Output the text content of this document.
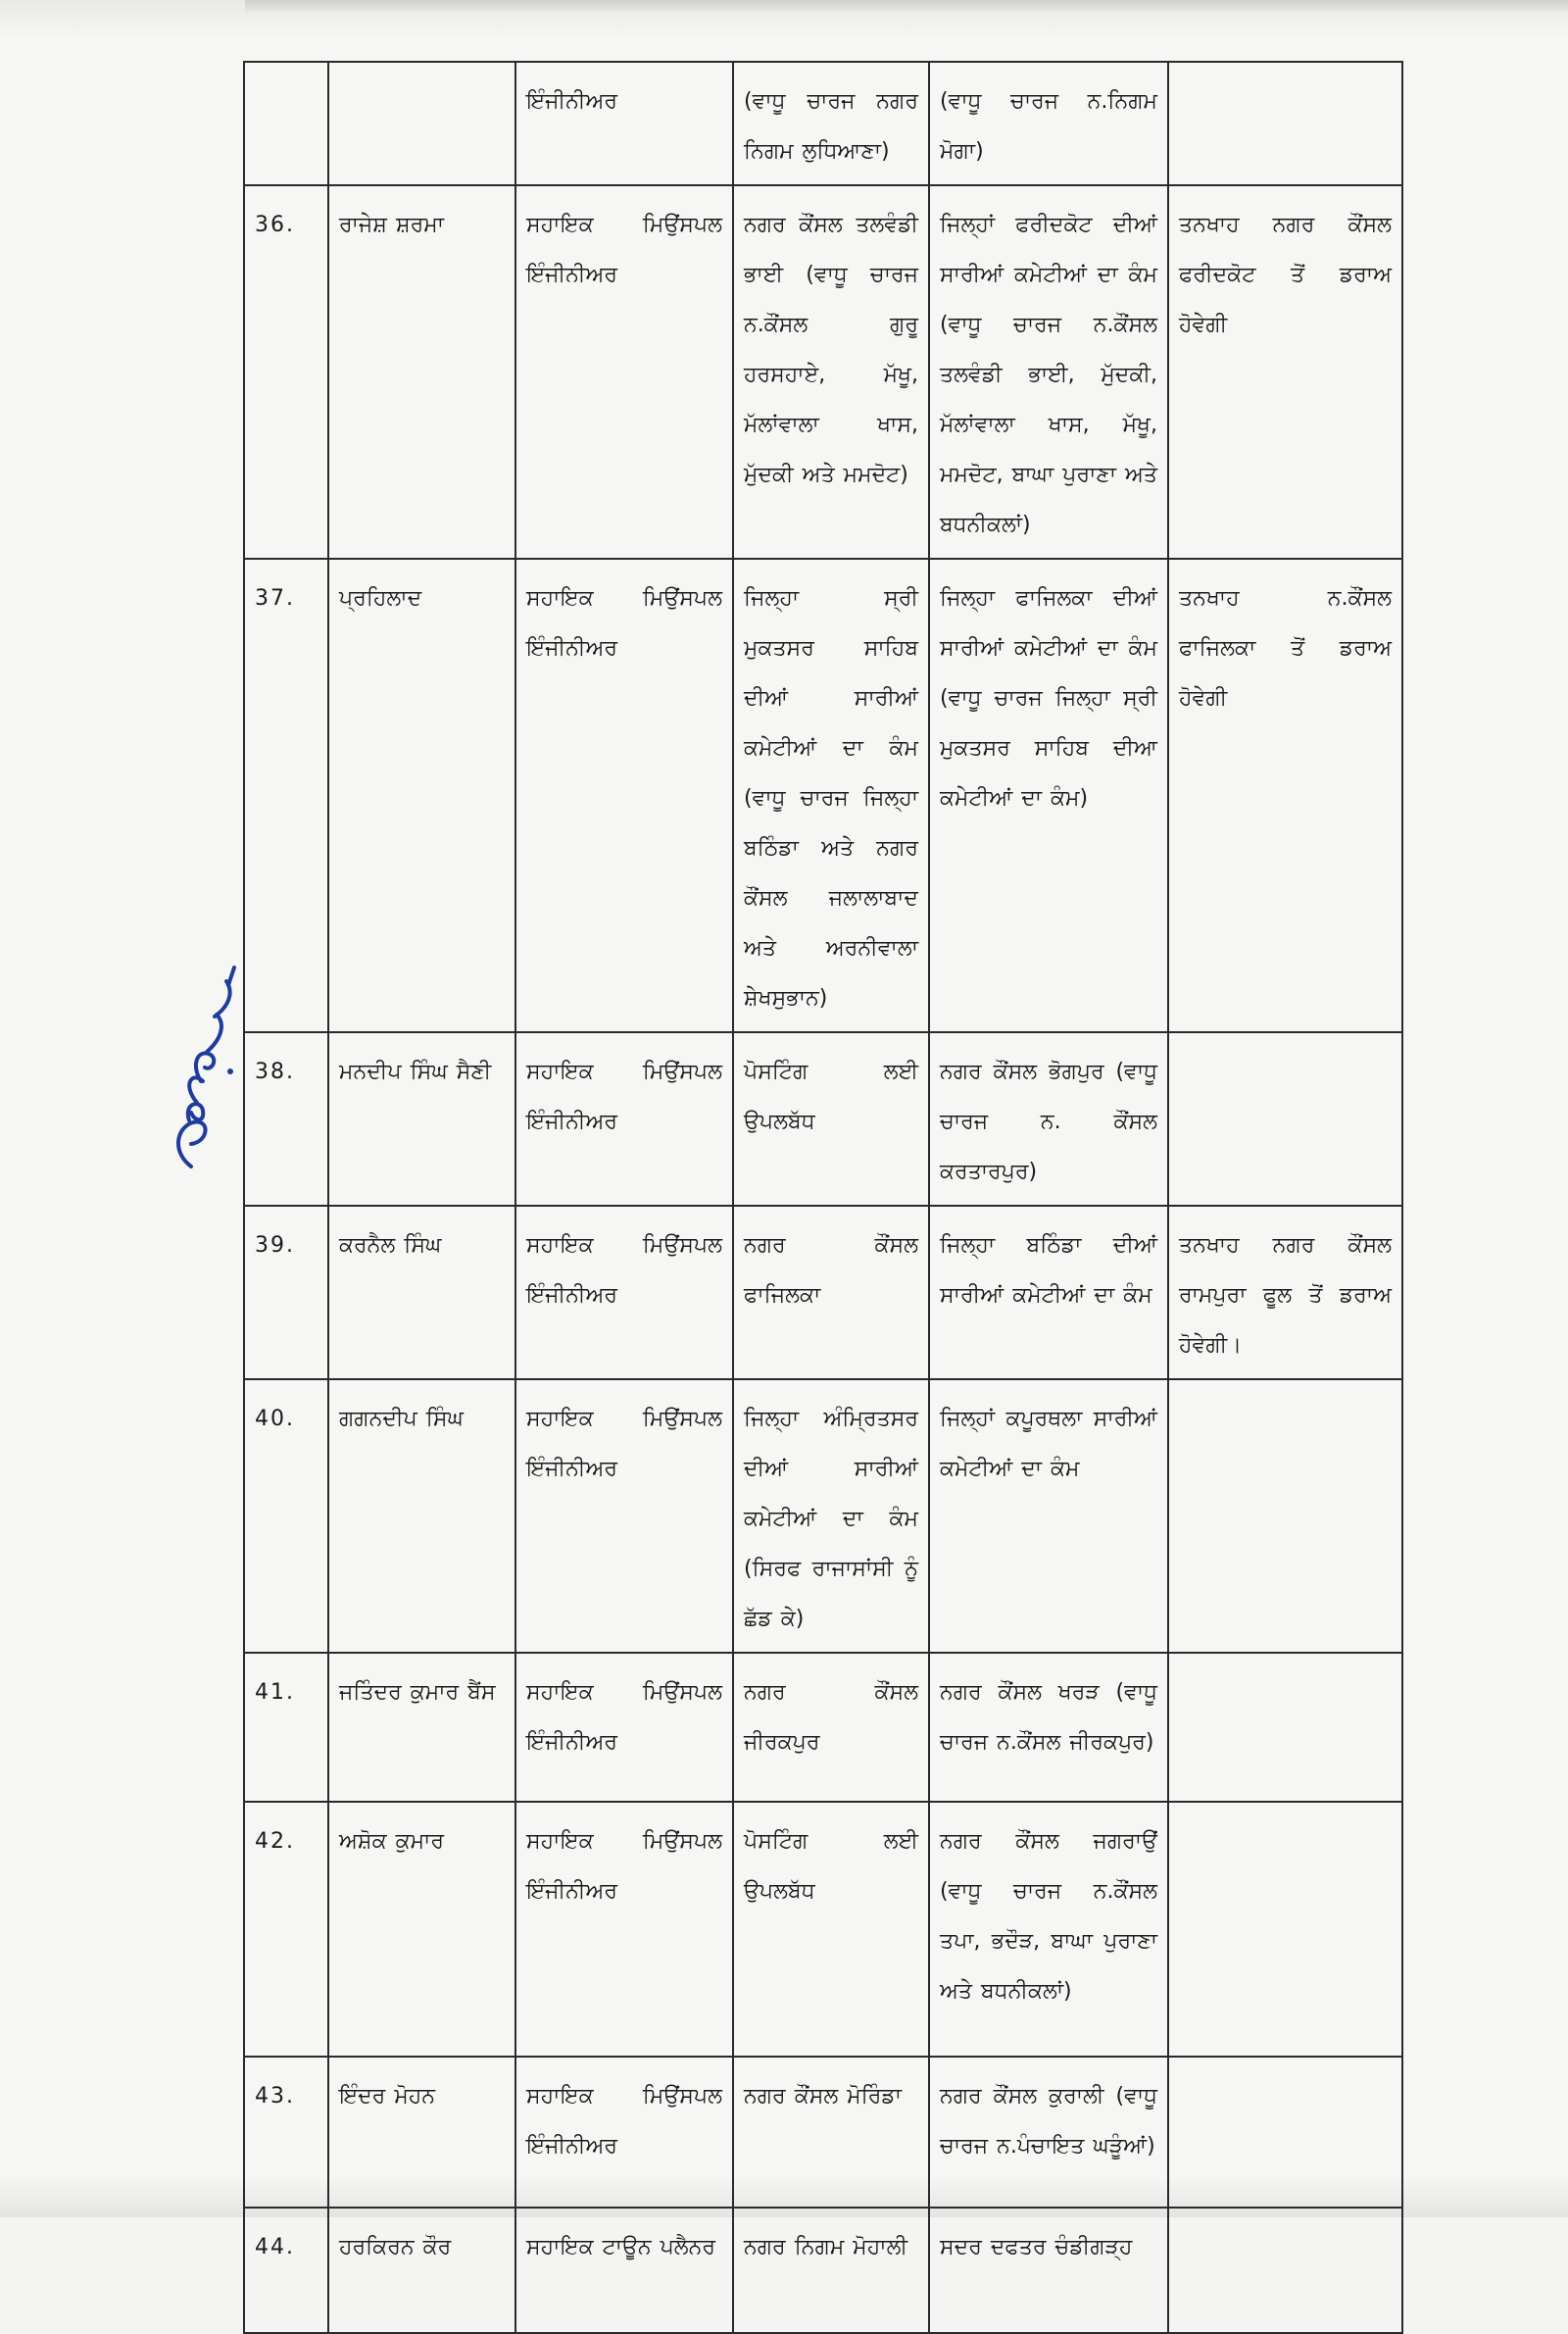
		ਇੰਜੀਨੀਅਰ	(ਵਾਧੂ ਚਾਰਜ ਨਗਰ ਨਿਗਮ ਲੁਧਿਆਣਾ)	(ਵਾਧੂ ਚਾਰਜ ਨ.ਨਿਗਮ ਮੋਗਾ)	
36.	ਰਾਜੇਸ਼ ਸ਼ਰਮਾ	ਸਹਾਇਕ ਮਿਉਂਸਪਲ ਇੰਜੀਨੀਅਰ	ਨਗਰ ਕੌਂਸਲ ਤਲਵੰਡੀ ਭਾਈ (ਵਾਧੂ ਚਾਰਜ ਨ.ਕੌਂਸਲ ਗੁਰੂ ਹਰਸਹਾਏ, ਮੱਖੂ, ਮੱਲਾਂਵਾਲਾ ਖਾਸ, ਮੁੱਦਕੀ ਅਤੇ ਮਮਦੋਟ)	ਜਿਲ੍ਹਾਂ ਫਰੀਦਕੋਟ ਦੀਆਂ ਸਾਰੀਆਂ ਕਮੇਟੀਆਂ ਦਾ ਕੰਮ (ਵਾਧੂ ਚਾਰਜ ਨ.ਕੌਂਸਲ ਤਲਵੰਡੀ ਭਾਈ, ਮੁੱਦਕੀ, ਮੱਲਾਂਵਾਲਾ ਖਾਸ, ਮੱਖੂ, ਮਮਦੋਟ, ਬਾਘਾ ਪੁਰਾਣਾ ਅਤੇ ਬਧਨੀਕਲਾਂ)	ਤਨਖਾਹ ਨਗਰ ਕੌਂਸਲ ਫਰੀਦਕੋਟ ਤੋਂ ਡਰਾਅ ਹੋਵੇਗੀ
37.	ਪ੍ਰਹਿਲਾਦ	ਸਹਾਇਕ ਮਿਉਂਸਪਲ ਇੰਜੀਨੀਅਰ	ਜਿਲ੍ਹਾ ਸ੍ਰੀ ਮੁਕਤਸਰ ਸਾਹਿਬ ਦੀਆਂ ਸਾਰੀਆਂ ਕਮੇਟੀਆਂ ਦਾ ਕੰਮ (ਵਾਧੂ ਚਾਰਜ ਜਿਲ੍ਹਾ ਬਠਿੰਡਾ ਅਤੇ ਨਗਰ ਕੌਂਸਲ ਜਲਾਲਾਬਾਦ ਅਤੇ ਅਰਨੀਵਾਲਾ ਸ਼ੇਖਸੁਭਾਨ)	ਜਿਲ੍ਹਾ ਫਾਜਿਲਕਾ ਦੀਆਂ ਸਾਰੀਆਂ ਕਮੇਟੀਆਂ ਦਾ ਕੰਮ (ਵਾਧੂ ਚਾਰਜ ਜਿਲ੍ਹਾ ਸ੍ਰੀ ਮੁਕਤਸਰ ਸਾਹਿਬ ਦੀਆ ਕਮੇਟੀਆਂ ਦਾ ਕੰਮ)	ਤਨਖਾਹ ਨ.ਕੌਂਸਲ ਫਾਜਿਲਕਾ ਤੋਂ ਡਰਾਅ ਹੋਵੇਗੀ
38.	ਮਨਦੀਪ ਸਿੰਘ ਸੈਣੀ	ਸਹਾਇਕ ਮਿਉਂਸਪਲ ਇੰਜੀਨੀਅਰ	ਪੋਸਟਿੰਗ ਲਈ ਉਪਲਬੱਧ	ਨਗਰ ਕੌਂਸਲ ਭੋਗਪੁਰ (ਵਾਧੂ ਚਾਰਜ ਨ. ਕੌਂਸਲ ਕਰਤਾਰਪੁਰ)	
39.	ਕਰਨੈਲ ਸਿੰਘ	ਸਹਾਇਕ ਮਿਉਂਸਪਲ ਇੰਜੀਨੀਅਰ	ਨਗਰ ਕੌਂਸਲ ਫਾਜਿਲਕਾ	ਜਿਲ੍ਹਾ ਬਠਿੰਡਾ ਦੀਆਂ ਸਾਰੀਆਂ ਕਮੇਟੀਆਂ ਦਾ ਕੰਮ	ਤਨਖਾਹ ਨਗਰ ਕੌਂਸਲ ਰਾਮਪੁਰਾ ਫੂਲ ਤੋਂ ਡਰਾਅ ਹੋਵੇਗੀ।
40.	ਗਗਨਦੀਪ ਸਿੰਘ	ਸਹਾਇਕ ਮਿਉਂਸਪਲ ਇੰਜੀਨੀਅਰ	ਜਿਲ੍ਹਾ ਅੰਮ੍ਰਿਤਸਰ ਦੀਆਂ ਸਾਰੀਆਂ ਕਮੇਟੀਆਂ ਦਾ ਕੰਮ (ਸਿਰਫ ਰਾਜਾਸਾਂਸੀ ਨੂੰ ਛੱਡ ਕੇ)	ਜਿਲ੍ਹਾਂ ਕਪੂਰਥਲਾ ਸਾਰੀਆਂ ਕਮੇਟੀਆਂ ਦਾ ਕੰਮ	
41.	ਜਤਿੰਦਰ ਕੁਮਾਰ ਬੈਂਸ	ਸਹਾਇਕ ਮਿਉਂਸਪਲ ਇੰਜੀਨੀਅਰ	ਨਗਰ ਕੌਂਸਲ ਜੀਰਕਪੁਰ	ਨਗਰ ਕੌਂਸਲ ਖਰੜ (ਵਾਧੂ ਚਾਰਜ ਨ.ਕੌਂਸਲ ਜੀਰਕਪੁਰ)	
42.	ਅਸ਼ੋਕ ਕੁਮਾਰ	ਸਹਾਇਕ ਮਿਉਂਸਪਲ ਇੰਜੀਨੀਅਰ	ਪੋਸਟਿੰਗ ਲਈ ਉਪਲਬੱਧ	ਨਗਰ ਕੌਂਸਲ ਜਗਰਾਉਂ (ਵਾਧੂ ਚਾਰਜ ਨ.ਕੌਂਸਲ ਤਪਾ, ਭਦੌੜ, ਬਾਘਾ ਪੁਰਾਣਾ ਅਤੇ ਬਧਨੀਕਲਾਂ)	
43.	ਇੰਦਰ ਮੋਹਨ	ਸਹਾਇਕ ਮਿਉਂਸਪਲ ਇੰਜੀਨੀਅਰ	ਨਗਰ ਕੌਂਸਲ ਮੋਰਿੰਡਾ	ਨਗਰ ਕੌਂਸਲ ਕੁਰਾਲੀ (ਵਾਧੂ ਚਾਰਜ ਨ.ਪੰਚਾਇਤ ਘੜੂੰਆਂ)	
44.	ਹਰਕਿਰਨ ਕੌਰ	ਸਹਾਇਕ ਟਾਊਨ ਪਲੈਨਰ	ਨਗਰ ਨਿਗਮ ਮੋਹਾਲੀ	ਸਦਰ ਦਫਤਰ ਚੰਡੀਗੜ੍ਹ	
